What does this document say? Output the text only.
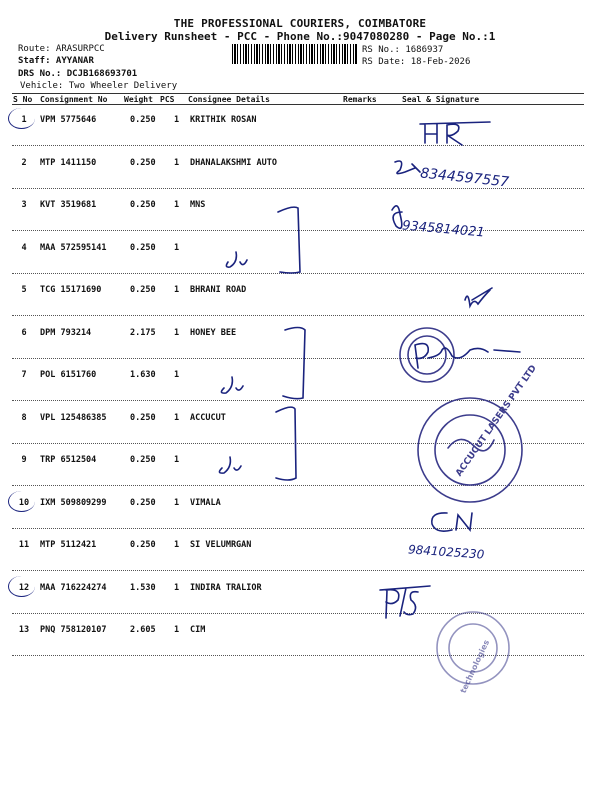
THE PROFESSIONAL COURIERS, COIMBATORE
Delivery Runsheet - PCC - Phone No.:9047080280 - Page No.:1
Route: ARASURPCC
Staff: AYYANAR
DRS No.: DCJB168693701
Vehicle: Two Wheeler Delivery
RS No.: 1686937
RS Date: 18-Feb-2026
S No Consignment No Weight PCS Consignee Details	Remarks	Seal & Signature
1	VPM 5775646	0.250 1 KRITHIK ROSAN
2	MTP 1411150	0.250 1 DHANALAKSHMI AUTO
3	KVT 3519681	0.250 1 MNS
4	MAA 572595141	0.250 1
5	TCG 15171690	0.250 1 BHRANI ROAD
6	DPM 793214	2.175 1 HONEY BEE
7	POL 6151760	1.630 1
8	VPL 125486385	0.250 1 ACCUCUT
9	TRP 6512504	0.250 1
10	IXM 509809299	0.250 1 VIMALA
11	MTP 5112421	0.250 1 SI VELUMRGAN
12	MAA 716224274	1.530 1 INDIRA TRALIOR
13	PNQ 758120107	2.605 1 CIM
ACCUCUT LASERS PVT LTD
technologies
8344597557
9345814021
9841025230
